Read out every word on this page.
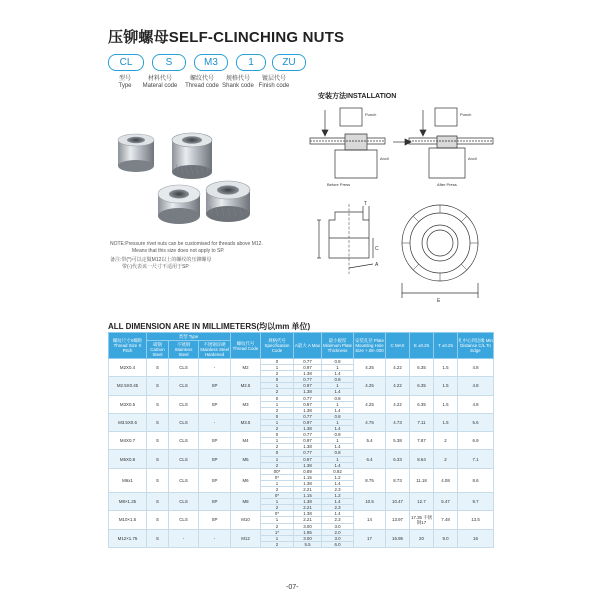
压铆螺母SELF-CLINCHING NUTS
CL	S	M3	1	ZU
型号
Type
材料代号
Materal code
螺纹代号
Thread code
规格代号
Shank code
镀层代号
Finish code
NOTE:Pressure rivet nuts can be customised for threads above M12.
Means that this size does not apply to SP.
备注:带(*)可以定做M12以上的螺纹的压铆螺母
带(-)代表该一尺寸不适用于SP
安装方法INSTALLATION
Punch	Punch
Anvil	Anvil
Before Press	After Press
T
C
A
E
ALL DIMENSION ARE IN MILLIMETERS(均以mm 单位)
螺纹尺寸X螺距 Thread Size X Pitch	类型 Type			螺纹代号 Thread Code	规格代号 Specification Code	A最大 A Max	最小板厚 Minimum Plate Thickness	安装孔径 Plate Mounting Hole Size +.08-.000	C MAX	E ±0.25	T ±0.25	孔中心到边缘 Min Distance C/L To Edge
	碳钢 Carbon Steel	不锈钢 Stainless Steel	不锈钢淬硬 Stainless Steel Hardened									
M2X0.4	S	CLS	-	M2	0	0.77	0.8	4.25	4.22	6.35	1.5	4.8
					1	0.97	1					
					2	1.38	1.4					
M2.5X0.45	S	CLS	SP	M2.5	0	0.77	0.8	4.25	4.22	6.35	1.5	4.8
					1	0.97	1					
					2	1.38	1.4					
M3X0.5	S	CLS	SP	M3	0	0.77	0.8	4.25	4.22	6.35	1.5	4.8
					1	0.97	1					
					2	1.38	1.4					
M3.5X0.6	S	CLS	-	M3.5	0	0.77	0.8	4.75	4.73	7.11	1.5	5.6
					1	0.97	1					
					2	1.38	1.4					
M4X0.7	S	CLS	SP	M4	0	0.77	0.8	5.4	5.38	7.87	2	6.9
					1	0.97	1					
					2	1.38	1.4					
M5X0.8	S	CLS	SP	M5	0	0.77	0.8	6.4	6.33	8.64	2	7.1
					1	0.97	1					
					2	1.38	1.4					
M6x1	S	CLS	SP	M6	00*	0.89	0.92	8.75	8.73	11.18	4.08	8.6
					0*	1.15	1.2					
					1	1.38	1.4					
					2	2.21	2.3					
M8×1.25	S	CLS	SP	M8	0*	1.15	1.2	10.5	10.47	12.7	5.47	9.7
					1	1.38	1.4					
					2	2.21	2.3					
M10×1.5	S	CLS	SP	M10	0*	1.38	1.4	14	13.97	17.35 不锈钢17	7.48	13.5
					1	2.21	2.3					
					2	3.00	3.0					
M12×1.75	S	-	-	M12	1*	1.95	2.0	17	16.95	20	9.0	16
					1	3.00	3.0					
					2	5.5	6.0					
-07-
